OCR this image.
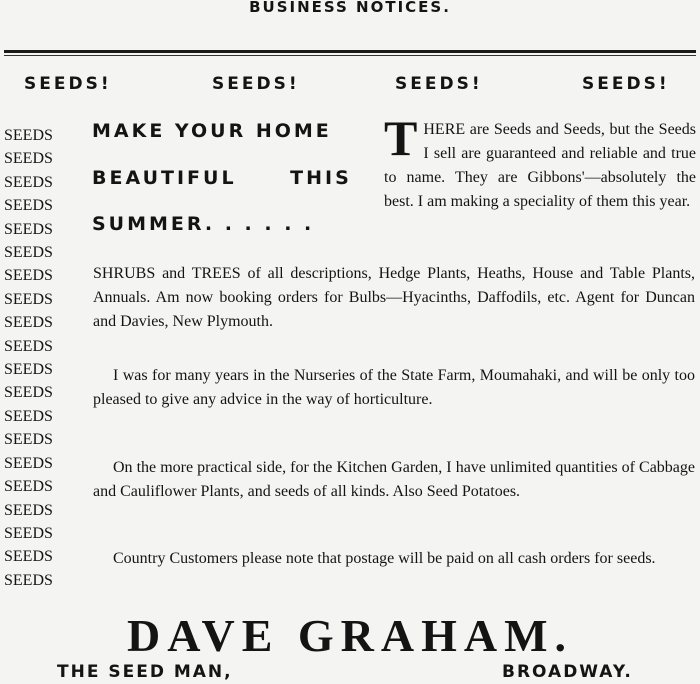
BUSINESS NOTICES.
SEEDS!	SEEDS!	SEEDS!	SEEDS!
SEEDS
SEEDS
SEEDS
SEEDS
SEEDS
SEEDS
SEEDS
SEEDS
SEEDS
SEEDS
SEEDS
SEEDS
SEEDS
SEEDS
SEEDS
SEEDS
SEEDS
SEEDS
SEEDS
SEEDS
MAKE YOUR HOME
BEAUTIFUL THIS
SUMMER. . . . . .
T HERE are Seeds and Seeds, but the Seeds I sell are guaranteed and reliable and true to name. They are Gibbons'—absolutely the best. I am making a speciality of them this year.
SHRUBS and TREES of all descriptions, Hedge Plants, Heaths, House and Table Plants, Annuals. Am now booking orders for Bulbs—Hyacinths, Daffodils, etc. Agent for Duncan and Davies, New Plymouth.
I was for many years in the Nurseries of the State Farm, Moumahaki, and will be only too pleased to give any advice in the way of horticulture.
On the more practical side, for the Kitchen Garden, I have unlimited quantities of Cabbage and Cauliflower Plants, and seeds of all kinds. Also Seed Potatoes.
Country Customers please note that postage will be paid on all cash orders for seeds.
DAVE GRAHAM.
THE SEED MAN,	BROADWAY.
